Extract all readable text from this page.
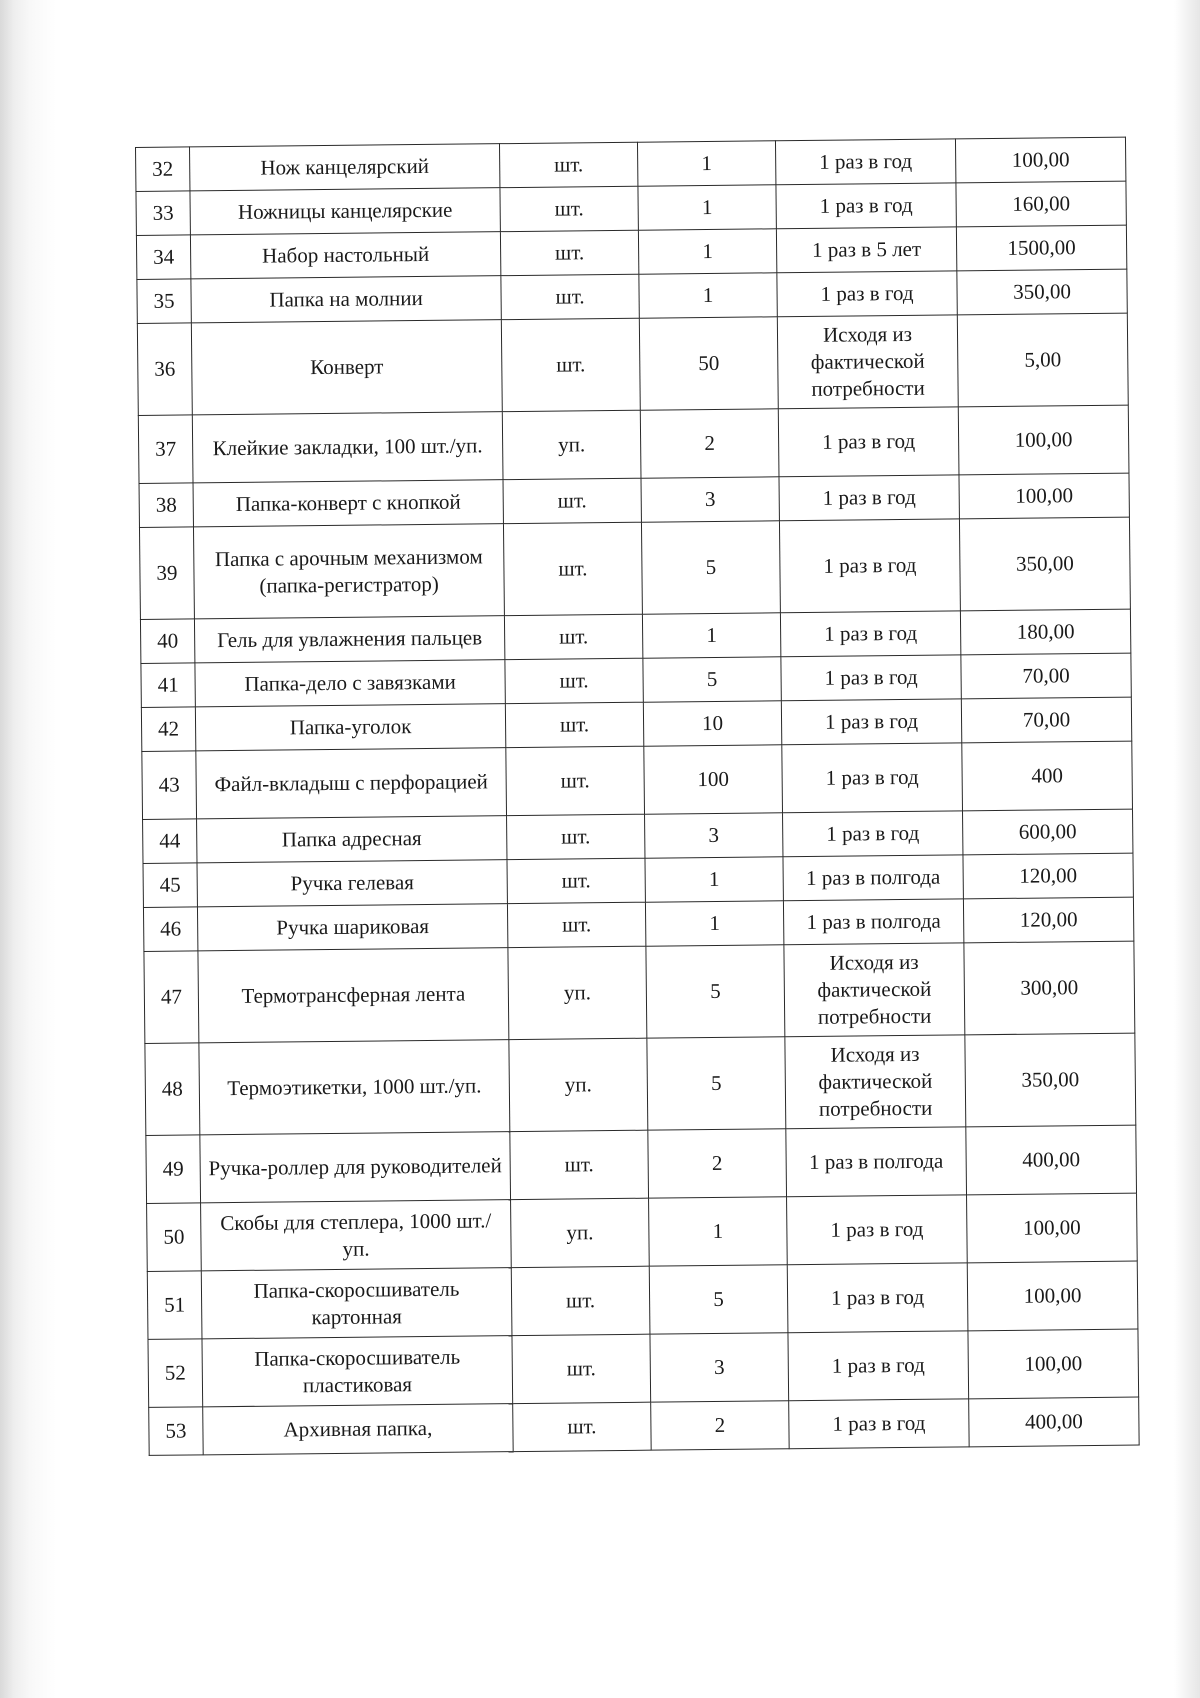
32	Нож канцелярский	шт.	1	1 раз в год	100,00
33	Ножницы канцелярские	шт.	1	1 раз в год	160,00
34	Набор настольный	шт.	1	1 раз в 5 лет	1500,00
35	Папка на молнии	шт.	1	1 раз в год	350,00
36	Конверт	шт.	50	Исходя из фактической потребности	5,00
37	Клейкие закладки, 100 шт./уп.	уп.	2	1 раз в год	100,00
38	Папка-конверт с кнопкой	шт.	3	1 раз в год	100,00
39	Папка с арочным механизмом (папка-регистратор)	шт.	5	1 раз в год	350,00
40	Гель для увлажнения пальцев	шт.	1	1 раз в год	180,00
41	Папка-дело с завязками	шт.	5	1 раз в год	70,00
42	Папка-уголок	шт.	10	1 раз в год	70,00
43	Файл-вкладыш с перфорацией	шт.	100	1 раз в год	400
44	Папка адресная	шт.	3	1 раз в год	600,00
45	Ручка гелевая	шт.	1	1 раз в полгода	120,00
46	Ручка шариковая	шт.	1	1 раз в полгода	120,00
47	Термотрансферная лента	уп.	5	Исходя из фактической потребности	300,00
48	Термоэтикетки, 1000 шт./уп.	уп.	5	Исходя из фактической потребности	350,00
49	Ручка-роллер для руководителей	шт.	2	1 раз в полгода	400,00
50	Скобы для степлера, 1000 шт./уп.	уп.	1	1 раз в год	100,00
51	Папка-скоросшиватель картонная	шт.	5	1 раз в год	100,00
52	Папка-скоросшиватель пластиковая	шт.	3	1 раз в год	100,00
53	Архивная папка,	шт.	2	1 раз в год	400,00
